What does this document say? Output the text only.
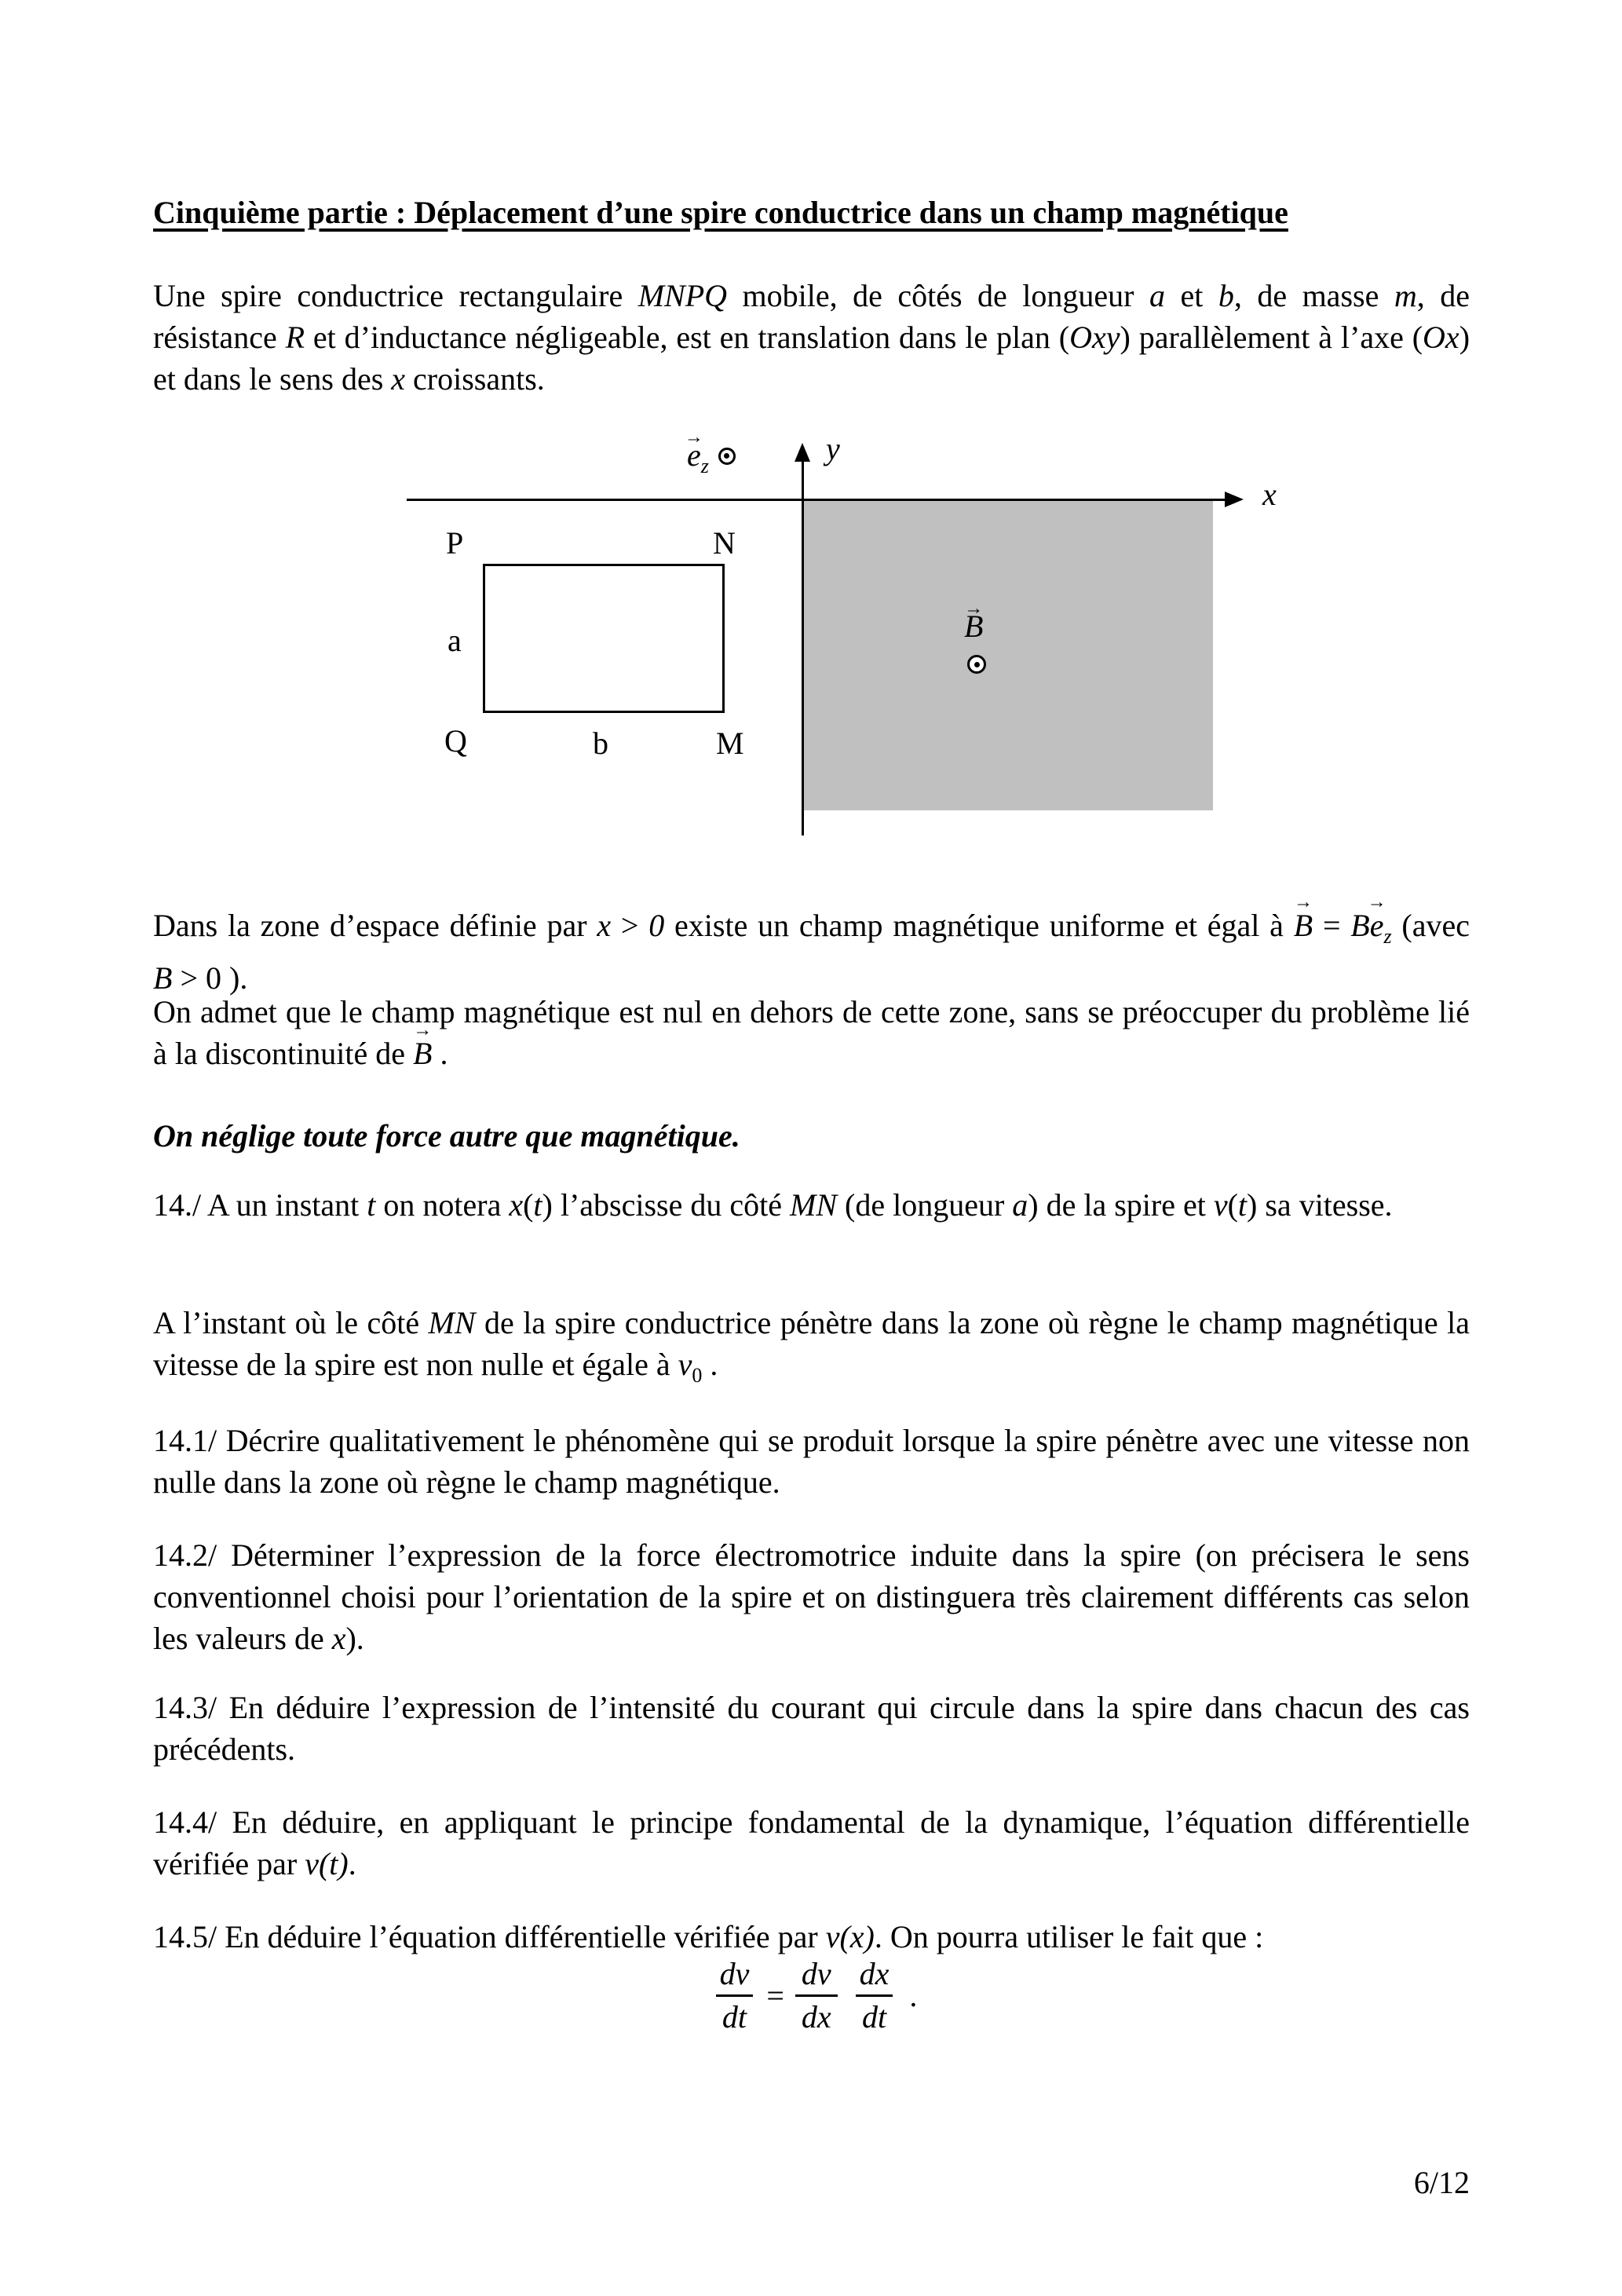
Cinquième partie : Déplacement d’une spire conductrice dans un champ magnétique

Une spire conductrice rectangulaire MNPQ mobile, de côtés de longueur a et b, de masse m, de résistance R et d’inductance négligeable, est en translation dans le plan (Oxy) parallèlement à l’axe (Ox) et dans le sens des x croissants.

x
y
$e \to_z$
P	N
a
Q	b	M
B →

Dans la zone d’espace définie par x > 0 existe un champ magnétique uniforme et égal à B → = $Be \to_z$ (avec B > 0 ).

On admet que le champ magnétique est nul en dehors de cette zone, sans se préoccuper du problème lié à la discontinuité de B → .

On néglige toute force autre que magnétique.

14./ A un instant t on notera x(t) l’abscisse du côté MN (de longueur a) de la spire et v(t) sa vitesse.

A l’instant où le côté MN de la spire conductrice pénètre dans la zone où règne le champ magnétique la vitesse de la spire est non nulle et égale à $v_0$ .

14.1/ Décrire qualitativement le phénomène qui se produit lorsque la spire pénètre avec une vitesse non nulle dans la zone où règne le champ magnétique.

14.2/ Déterminer l’expression de la force électromotrice induite dans la spire (on précisera le sens conventionnel choisi pour l’orientation de la spire et on distinguera très clairement différents cas selon les valeurs de x).

14.3/ En déduire l’expression de l’intensité du courant qui circule dans la spire dans chacun des cas précédents.

14.4/ En déduire, en appliquant le principe fondamental de la dynamique, l’équation différentielle vérifiée par v(t).

14.5/ En déduire l’équation différentielle vérifiée par v(x). On pourra utiliser le fait que :

$\frac{dv}{dt} = \frac{dv}{dx} \frac{dx}{dt}$ .
6/12
